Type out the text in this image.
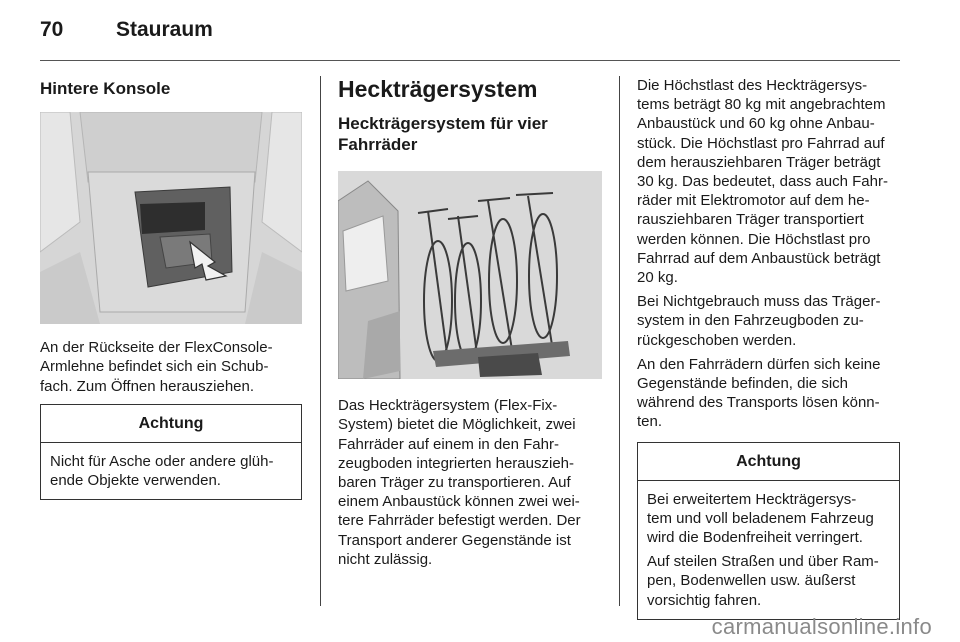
70	Stauraum
Hintere Konsole
An der Rückseite der FlexConsole-
Armlehne befindet sich ein Schub-
fach. Zum Öffnen herausziehen.
Achtung
Nicht für Asche oder andere glüh-
ende Objekte verwenden.
Heckträgersystem
Heckträgersystem für vier
Fahrräder
Das Heckträgersystem (Flex-Fix-
System) bietet die Möglichkeit, zwei
Fahrräder auf einem in den Fahr-
zeugboden integrierten herauszieh-
baren Träger zu transportieren. Auf
einem Anbaustück können zwei wei-
tere Fahrräder befestigt werden. Der
Transport anderer Gegenstände ist
nicht zulässig.
Die Höchstlast des Heckträgersys-
tems beträgt 80 kg mit angebrachtem
Anbaustück und 60 kg ohne Anbau-
stück. Die Höchstlast pro Fahrrad auf
dem herausziehbaren Träger beträgt
30 kg. Das bedeutet, dass auch Fahr-
räder mit Elektromotor auf dem he-
rausziehbaren Träger transportiert
werden können. Die Höchstlast pro
Fahrrad auf dem Anbaustück beträgt
20 kg.
Bei Nichtgebrauch muss das Träger-
system in den Fahrzeugboden zu-
rückgeschoben werden.
An den Fahrrädern dürfen sich keine
Gegenstände befinden, die sich
während des Transports lösen könn-
ten.
Achtung
Bei erweitertem Heckträgersys-
tem und voll beladenem Fahrzeug
wird die Bodenfreiheit verringert.
Auf steilen Straßen und über Ram-
pen, Bodenwellen usw. äußerst
vorsichtig fahren.
carmanualsonline.info
